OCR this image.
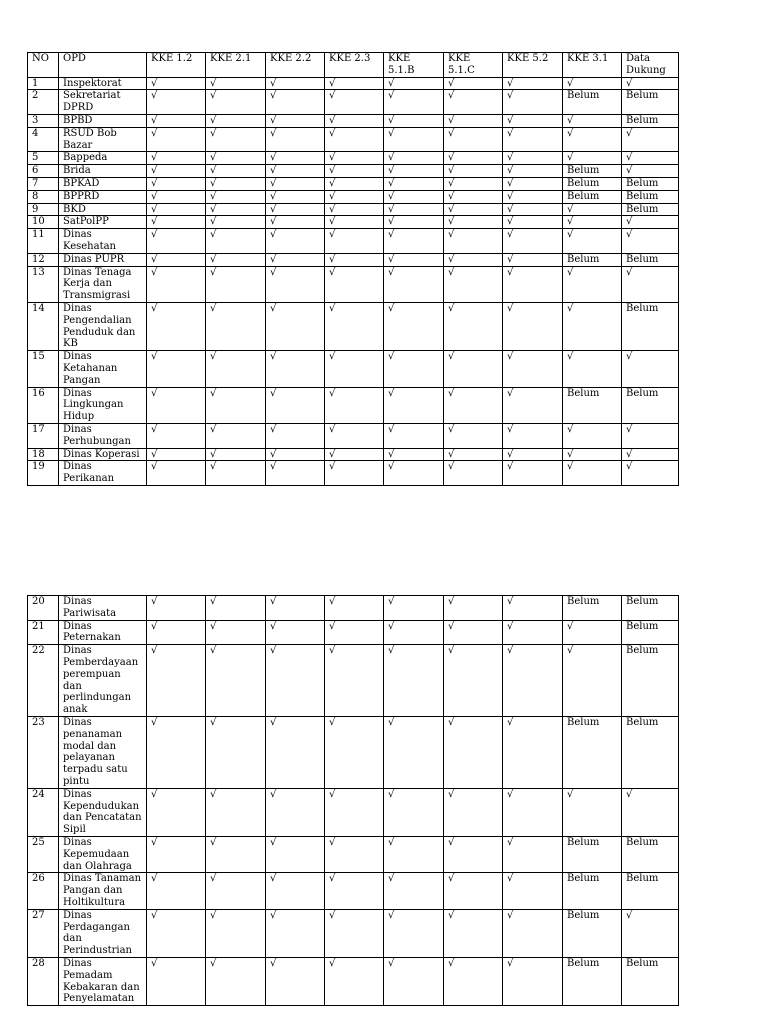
NO	OPD	KKE 1.2	KKE 2.1	KKE 2.2	KKE 2.3	KKE 5.1.B	KKE 5.1.C	KKE 5.2	KKE 3.1	Data Dukung
1	Inspektorat	√	√	√	√	√	√	√	√	√
2	Sekretariat DPRD	√	√	√	√	√	√	√	Belum	Belum
3	BPBD	√	√	√	√	√	√	√	√	Belum
4	RSUD Bob Bazar	√	√	√	√	√	√	√	√	√
5	Bappeda	√	√	√	√	√	√	√	√	√
6	Brida	√	√	√	√	√	√	√	Belum	√
7	BPKAD	√	√	√	√	√	√	√	Belum	Belum
8	BPPRD	√	√	√	√	√	√	√	Belum	Belum
9	BKD	√	√	√	√	√	√	√	√	Belum
10	SatPolPP	√	√	√	√	√	√	√	√	√
11	Dinas Kesehatan	√	√	√	√	√	√	√	√	√
12	Dinas PUPR	√	√	√	√	√	√	√	Belum	Belum
13	Dinas Tenaga Kerja dan Transmigrasi	√	√	√	√	√	√	√	√	√
14	Dinas Pengendalian Penduduk dan KB	√	√	√	√	√	√	√	√	Belum
15	Dinas Ketahanan Pangan	√	√	√	√	√	√	√	√	√
16	Dinas Lingkungan Hidup	√	√	√	√	√	√	√	Belum	Belum
17	Dinas Perhubungan	√	√	√	√	√	√	√	√	√
18	Dinas Koperasi	√	√	√	√	√	√	√	√	√
19	Dinas Perikanan	√	√	√	√	√	√	√	√	√
20	Dinas Pariwisata	√	√	√	√	√	√	√	Belum	Belum
21	Dinas Peternakan	√	√	√	√	√	√	√	√	Belum
22	Dinas Pemberdayaan perempuan dan perlindungan anak	√	√	√	√	√	√	√	√	Belum
23	Dinas penanaman modal dan pelayanan terpadu satu pintu	√	√	√	√	√	√	√	Belum	Belum
24	Dinas Kependudukan dan Pencatatan Sipil	√	√	√	√	√	√	√	√	√
25	Dinas Kepemudaan dan Olahraga	√	√	√	√	√	√	√	Belum	Belum
26	Dinas Tanaman Pangan dan Holtikultura	√	√	√	√	√	√	√	Belum	Belum
27	Dinas Perdagangan dan Perindustrian	√	√	√	√	√	√	√	Belum	√
28	Dinas Pemadam Kebakaran dan Penyelamatan	√	√	√	√	√	√	√	Belum	Belum
